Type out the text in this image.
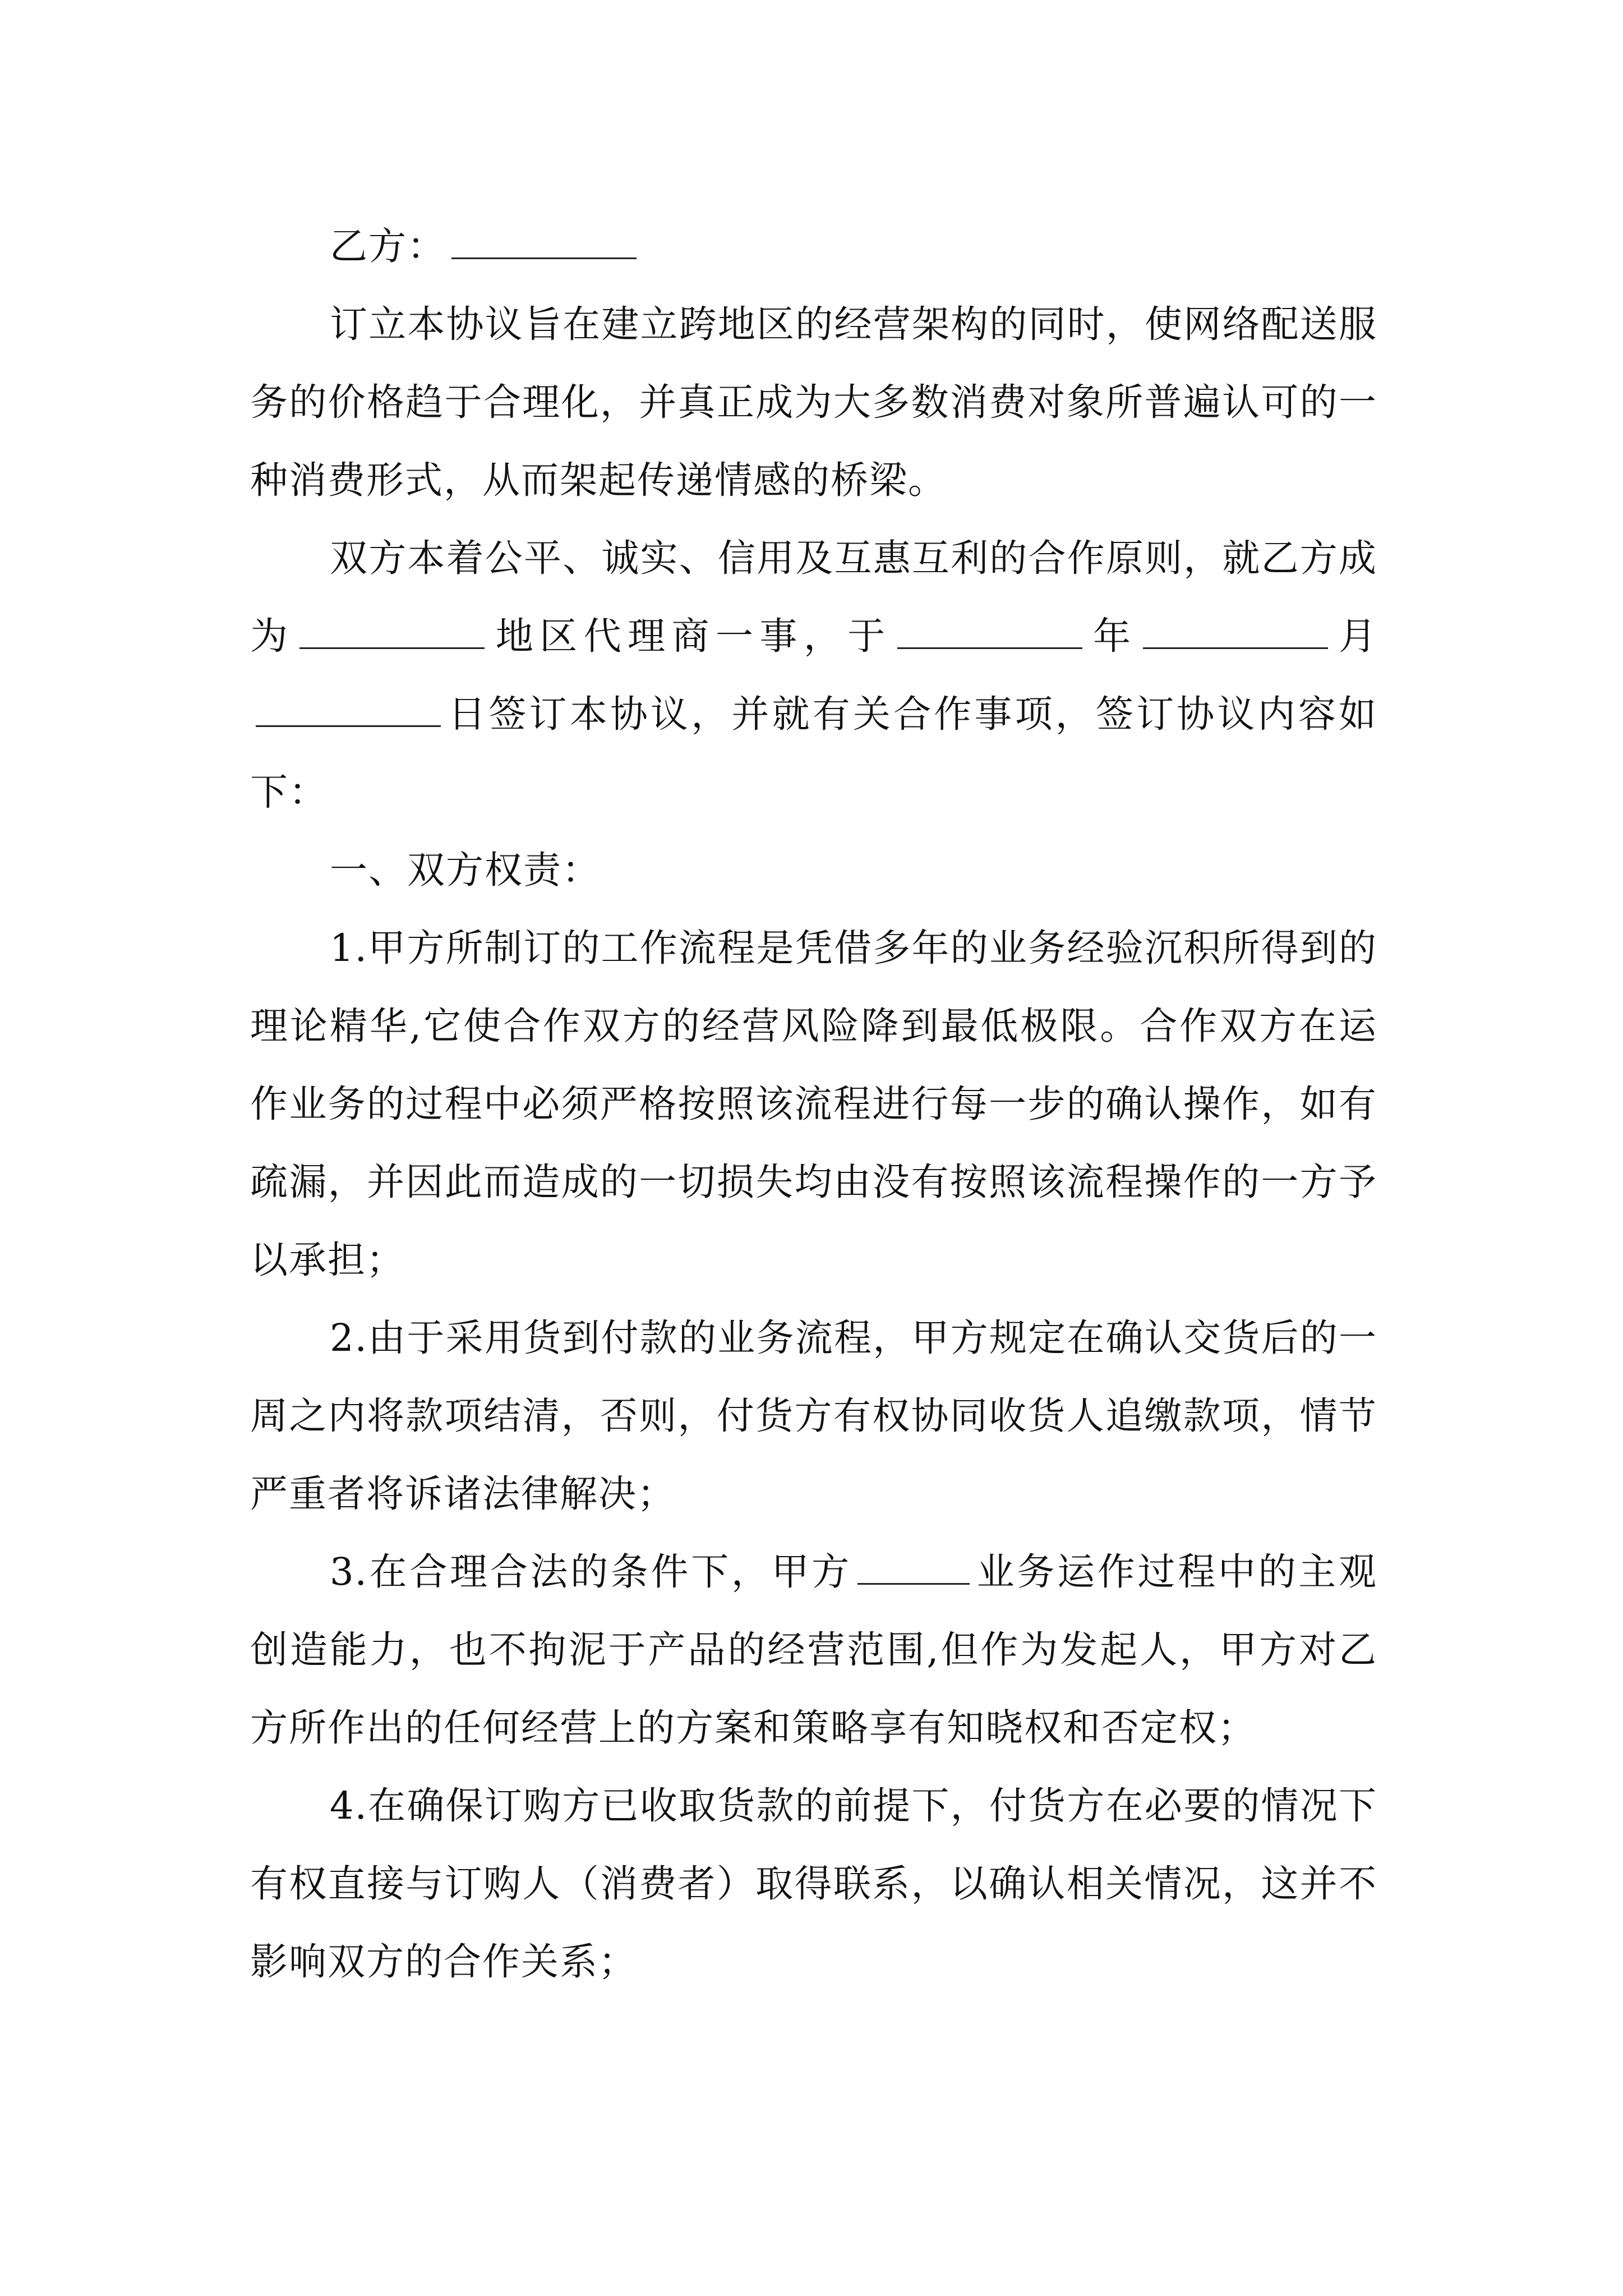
乙方：

订立本协议旨在建立跨地区的经营架构的同时，使网络配送服务的价格趋于合理化，并真正成为大多数消费对象所普遍认可的一种消费形式，从而架起传递情感的桥梁。

双方本着公平、诚实、信用及互惠互利的合作原则，就乙方成为	地区代理商一事，于	年	月日签订本协议，并就有关合作事项，签订协议内容如下：

一、双方权责：

1.甲方所制订的工作流程是凭借多年的业务经验沉积所得到的理论精华,它使合作双方的经营风险降到最低极限。合作双方在运作业务的过程中必须严格按照该流程进行每一步的确认操作，如有疏漏，并因此而造成的一切损失均由没有按照该流程操作的一方予以承担；

2.由于采用货到付款的业务流程，甲方规定在确认交货后的一周之内将款项结清，否则，付货方有权协同收货人追缴款项，情节严重者将诉诸法律解决；

3.在合理合法的条件下，甲方	业务运作过程中的主观创造能力，也不拘泥于产品的经营范围,但作为发起人，甲方对乙方所作出的任何经营上的方案和策略享有知晓权和否定权；

4.在确保订购方已收取货款的前提下，付货方在必要的情况下有权直接与订购人（消费者）取得联系，以确认相关情况，这并不影响双方的合作关系；
